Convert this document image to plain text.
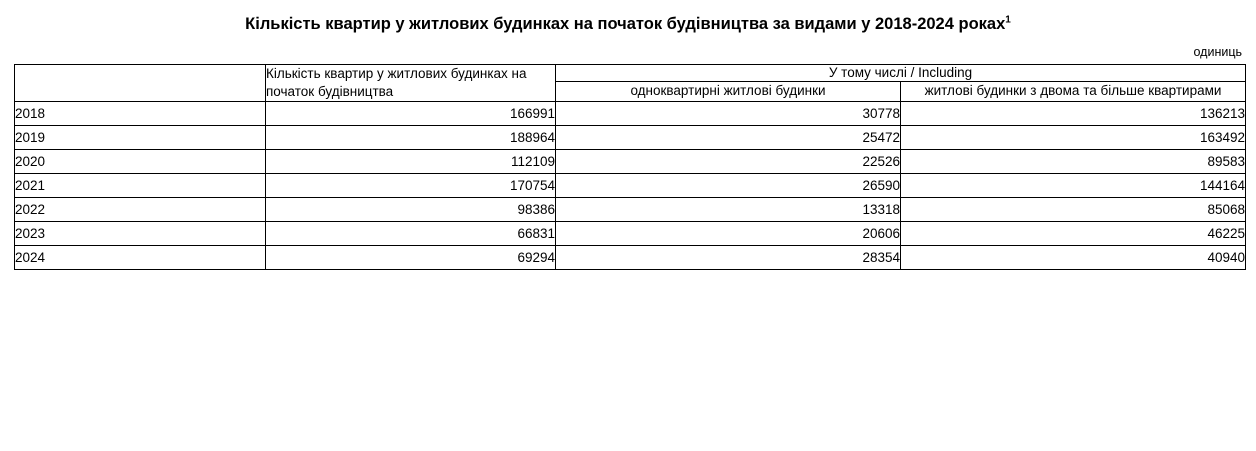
Кількість квартир у житлових будинках на початок будівництва за видами у 2018-2024 роках$^1$
одиниць
	Кількість квартир у житлових будинках на початок будівництва	У тому числі / Including	
		одноквартирні житлові будинки	житлові будинки з двома та більше квартирами
2018	166991	30778	136213
2019	188964	25472	163492
2020	112109	22526	89583
2021	170754	26590	144164
2022	98386	13318	85068
2023	66831	20606	46225
2024	69294	28354	40940
